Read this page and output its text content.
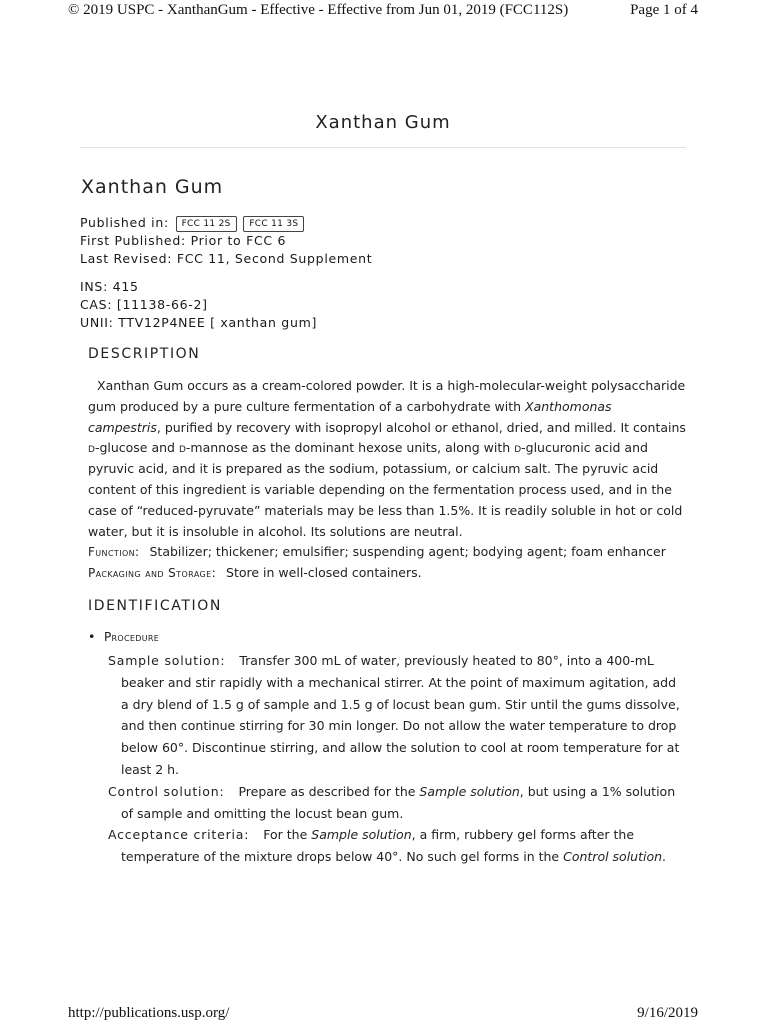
© 2019 USPC - XanthanGum - Effective - Effective from Jun 01, 2019 (FCC112S)	Page 1 of 4
Xanthan Gum
Xanthan Gum
Published in: FCC 11 2S FCC 11 3S
First Published: Prior to FCC 6
Last Revised: FCC 11, Second Supplement
INS: 415
CAS: [11138-66-2]
UNII: TTV12P4NEE [ xanthan gum]
DESCRIPTION

Xanthan Gum occurs as a cream-colored powder. It is a high-molecular-weight polysaccharide gum produced by a pure culture fermentation of a carbohydrate with Xanthomonas campestris, purified by recovery with isopropyl alcohol or ethanol, dried, and milled. It contains d-glucose and d-mannose as the dominant hexose units, along with d-glucuronic acid and pyruvic acid, and it is prepared as the sodium, potassium, or calcium salt. The pyruvic acid content of this ingredient is variable depending on the fermentation process used, and in the case of “reduced-pyruvate” materials may be less than 1.5%. It is readily soluble in hot or cold water, but it is insoluble in alcohol. Its solutions are neutral.

Function: Stabilizer; thickener; emulsifier; suspending agent; bodying agent; foam enhancer

Packaging and Storage: Store in well-closed containers.

IDENTIFICATION
• Procedure
Sample solution: Transfer 300 mL of water, previously heated to 80°, into a 400-mL beaker and stir rapidly with a mechanical stirrer. At the point of maximum agitation, add a dry blend of 1.5 g of sample and 1.5 g of locust bean gum. Stir until the gums dissolve, and then continue stirring for 30 min longer. Do not allow the water temperature to drop below 60°. Discontinue stirring, and allow the solution to cool at room temperature for at least 2 h.
Control solution: Prepare as described for the Sample solution, but using a 1% solution of sample and omitting the locust bean gum.
Acceptance criteria: For the Sample solution, a firm, rubbery gel forms after the temperature of the mixture drops below 40°. No such gel forms in the Control solution.
http://publications.usp.org/	9/16/2019
